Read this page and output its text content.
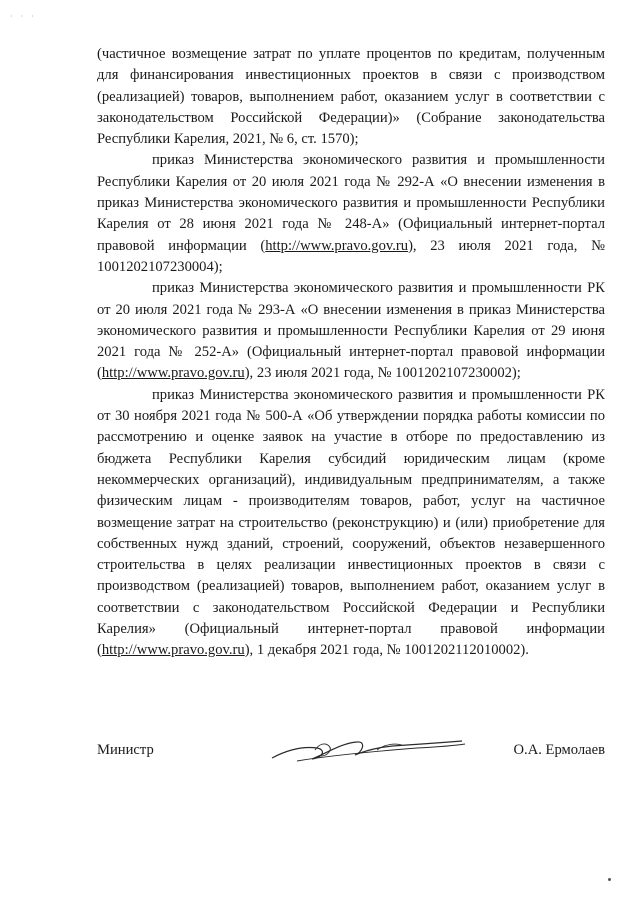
· · ·

(частичное возмещение затрат по уплате процентов по кредитам, полученным для финансирования инвестиционных проектов в связи с производством (реализацией) товаров, выполнением работ, оказанием услуг в соответствии с законодательством Российской Федерации)» (Собрание законодательства Республики Карелия, 2021, № 6, ст. 1570);

приказ Министерства экономического развития и промышленности Республики Карелия от 20 июля 2021 года № 292-А «О внесении изменения в приказ Министерства экономического развития и промышленности Республики Карелия от 28 июня 2021 года № 248-А» (Официальный интернет-портал правовой информации (http://www.pravo.gov.ru), 23 июля 2021 года, № 1001202107230004);

приказ Министерства экономического развития и промышленности РК от 20 июля 2021 года № 293-А «О внесении изменения в приказ Министерства экономического развития и промышленности Республики Карелия от 29 июня 2021 года № 252-А» (Официальный интернет-портал правовой информации (http://www.pravo.gov.ru), 23 июля 2021 года, № 1001202107230002);

приказ Министерства экономического развития и промышленности РК от 30 ноября 2021 года № 500-А «Об утверждении порядка работы комиссии по рассмотрению и оценке заявок на участие в отборе по предоставлению из бюджета Республики Карелия субсидий юридическим лицам (кроме некоммерческих организаций), индивидуальным предпринимателям, а также физическим лицам - производителям товаров, работ, услуг на частичное возмещение затрат на строительство (реконструкцию) и (или) приобретение для собственных нужд зданий, строений, сооружений, объектов незавершенного строительства в целях реализации инвестиционных проектов в связи с производством (реализацией) товаров, выполнением работ, оказанием услуг в соответствии с законодательством Российской Федерации и Республики Карелия» (Официальный интернет-портал правовой информации (http://www.pravo.gov.ru), 1 декабря 2021 года, № 1001202112010002).

Министр	О.А. Ермолаев
